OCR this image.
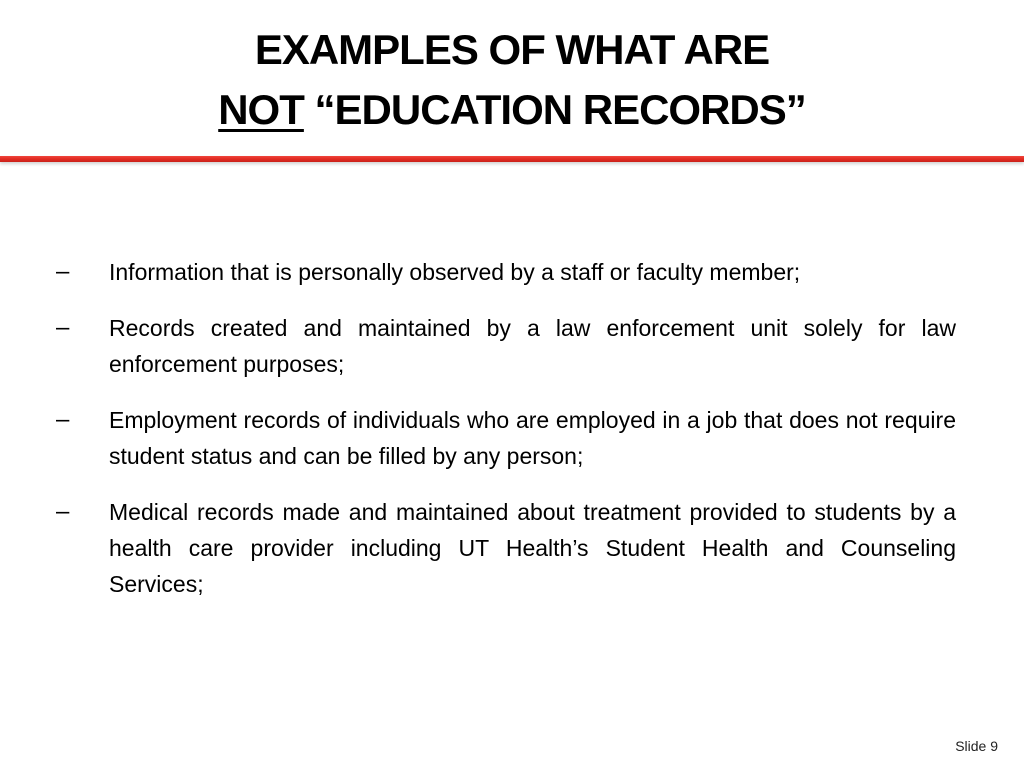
EXAMPLES OF WHAT ARE
NOT “EDUCATION RECORDS”
–	Information that is personally observed by a staff or faculty member;
–	Records created and maintained by a law enforcement unit solely for law enforcement purposes;
–	Employment records of individuals who are employed in a job that does not require student status and can be filled by any person;
–	Medical records made and maintained about treatment provided to students by a health care provider including UT Health’s Student Health and Counseling Services;
Slide 9
